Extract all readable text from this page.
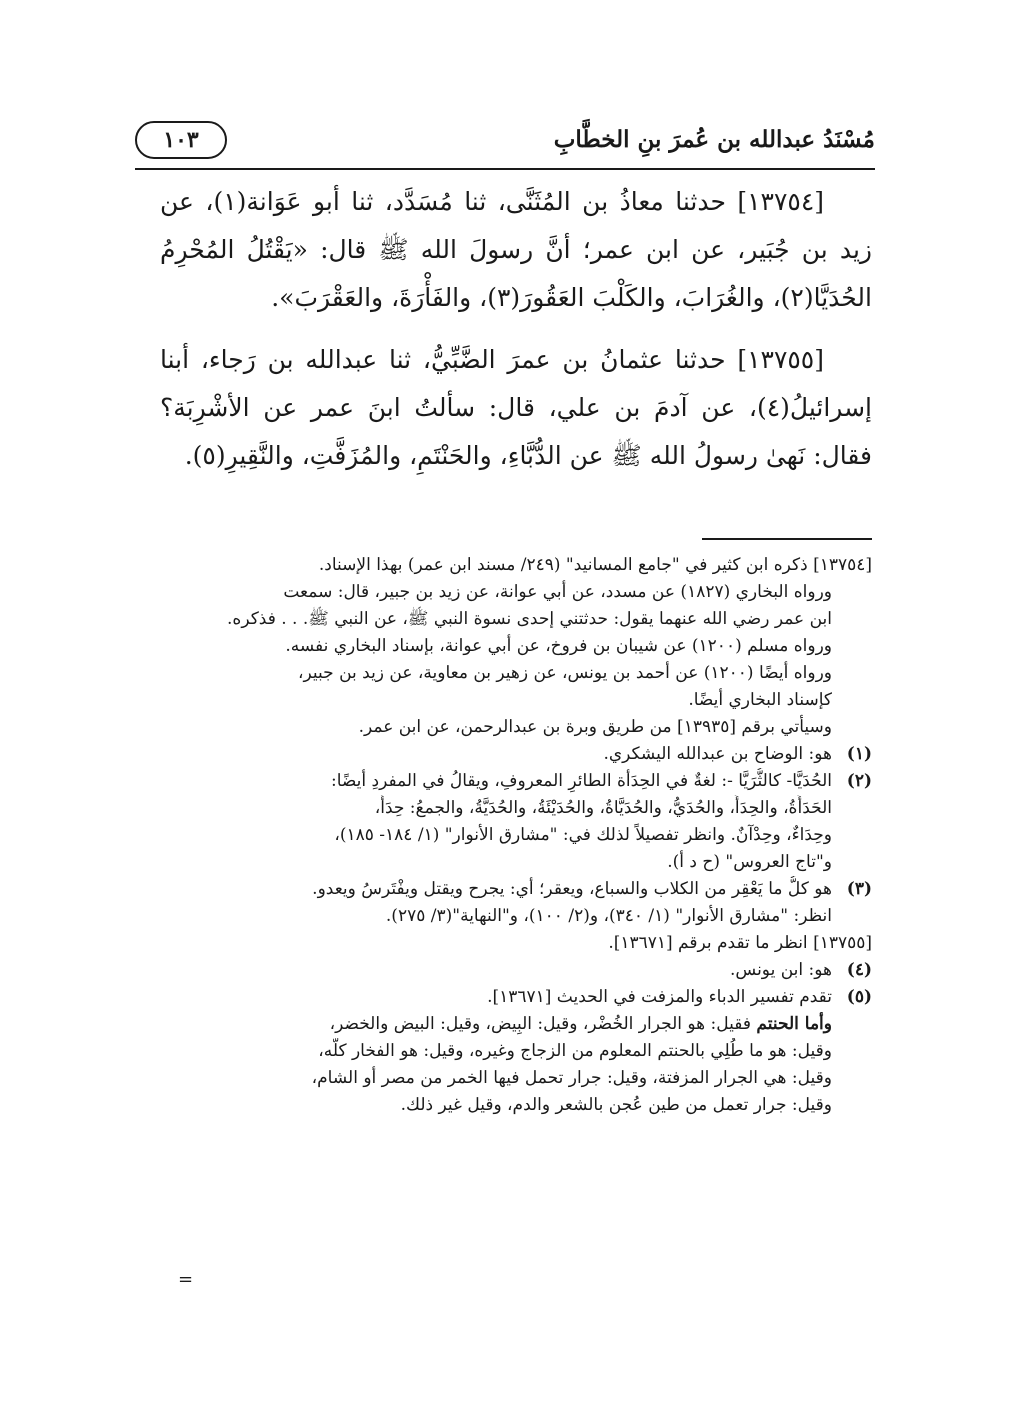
مُسْنَدُ عبدالله بن عُمرَ بنِ الخطَّابِ
١٠٣

[١٣٧٥٤] حدثنا معاذُ بن المُثَنَّى، ثنا مُسَدَّد، ثنا أبو عَوَانة(١)، عن زيد بن جُبَير، عن ابن عمر؛ أنَّ رسولَ الله ﷺ قال: «يَقْتُلُ المُحْرِمُ الحُدَيَّا(٢)، والغُرَابَ، والكَلْبَ العَقُورَ(٣)، والفَأْرَةَ، والعَقْرَبَ».

[١٣٧٥٥] حدثنا عثمانُ بن عمرَ الضَّبِّيُّ، ثنا عبدالله بن رَجاء، أبنا إسرائيلُ(٤)، عن آدمَ بن علي، قال: سألتُ ابنَ عمر عن الأشْرِبَة؟ فقال: نَهىٰ رسولُ الله ﷺ عن الدُّبَّاءِ، والحَنْتَمِ، والمُزَفَّتِ، والنَّقِيرِ(٥).

[١٣٧٥٤] ذكره ابن كثير في "جامع المسانيد" (٢٤٩/ مسند ابن عمر) بهذا الإسناد.

ورواه البخاري (١٨٢٧) عن مسدد، عن أبي عوانة، عن زيد بن جبير، قال: سمعت

ابن عمر رضي الله عنهما يقول: حدثتني إحدى نسوة النبي ﷺ، عن النبي ﷺ. . . فذكره.

ورواه مسلم (١٢٠٠) عن شيبان بن فروخ، عن أبي عوانة، بإسناد البخاري نفسه.

ورواه أيضًا (١٢٠٠) عن أحمد بن يونس، عن زهير بن معاوية، عن زيد بن جبير،

كإسناد البخاري أيضًا.

وسيأتي برقم [١٣٩٣٥] من طريق وبرة بن عبدالرحمن، عن ابن عمر.

(١)

هو: الوضاح بن عبدالله اليشكري.

(٢)

الحُدَيَّا- كالثُّرَيَّا -: لغةٌ في الحِدَأة الطائرِ المعروفِ، ويقالُ في المفردِ أيضًا:

الحَدَأَةُ، والحِدَأُ، والحُدَيُّ، والحُدَيَّاةُ، والحُدَيْئَةُ، والحُدَيَّةُ، والجمعُ: حِدَأٌ،

وحِدَاءٌ، وحِدْآنٌ. وانظر تفصيلاً لذلك في: "مشارق الأنوار" (١/ ١٨٤- ١٨٥)،

و"تاج العروس" (ح د أ).

(٣)

هو كلُّ ما يَعْقِر من الكلاب والسباع، ويعقر؛ أي: يجرح ويقتل ويفْتَرسُ ويعدو.

انظر: "مشارق الأنوار" (١/ ٣٤٠)، و(٢/ ١٠٠)، و"النهاية"(٣/ ٢٧٥).

[١٣٧٥٥] انظر ما تقدم برقم [١٣٦٧١].

(٤)

هو: ابن يونس.

(٥)

تقدم تفسير الدباء والمزفت في الحديث [١٣٦٧١].

وأما الحنتم فقيل: هو الجرار الخُضْر، وقيل: البِيض، وقيل: البيض والخضر،

وقيل: هو ما طُلِي بالحنتم المعلوم من الزجاج وغيره، وقيل: هو الفخار كلُّه،

وقيل: هي الجرار المزفتة، وقيل: جرار تحمل فيها الخمر من مصر أو الشام،

وقيل: جرار تعمل من طين عُجن بالشعر والدم، وقيل غير ذلك.

=
